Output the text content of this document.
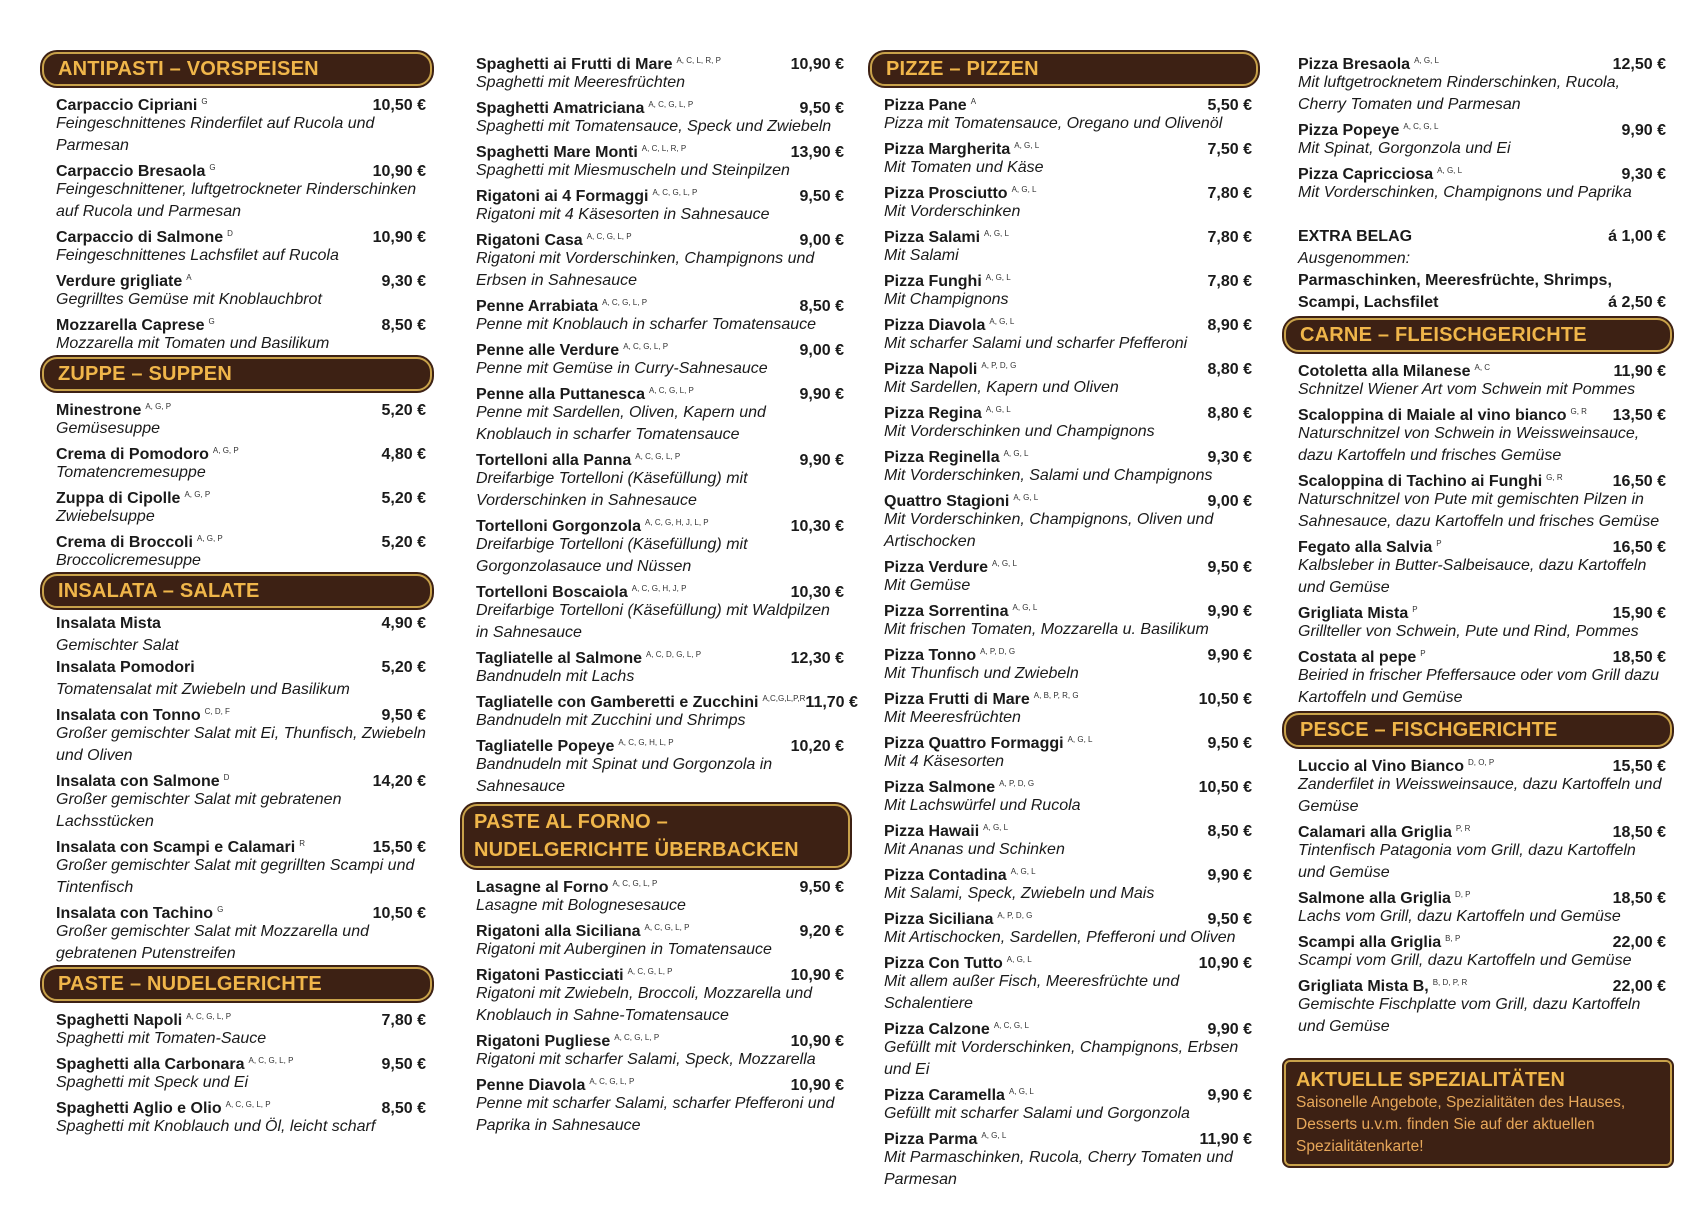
ANTIPASTI – VORSPEISEN
Carpaccio Cipriani $^G$	10,50 €
Feingeschnittenes Rinderfilet auf Rucola und Parmesan
Carpaccio Bresaola $^G$	10,90 €
Feingeschnittener, luftgetrockneter Rinderschinken auf Rucola und Parmesan
Carpaccio di Salmone $^D$	10,90 €
Feingeschnittenes Lachsfilet auf Rucola
Verdure grigliate $^A$	9,30 €
Gegrilltes Gemüse mit Knoblauchbrot
Mozzarella Caprese $^G$	8,50 €
Mozzarella mit Tomaten und Basilikum
ZUPPE – SUPPEN
Minestrone $^{A, G, P}$	5,20 €
Gemüsesuppe
Crema di Pomodoro $^{A, G, P}$	4,80 €
Tomatencremesuppe
Zuppa di Cipolle $^{A, G, P}$	5,20 €
Zwiebelsuppe
Crema di Broccoli $^{A, G, P}$	5,20 €
Broccolicremesuppe
INSALATA – SALATE
Insalata Mista	4,90 €
Gemischter Salat
Insalata Pomodori	5,20 €
Tomatensalat mit Zwiebeln und Basilikum
Insalata con Tonno $^{C, D, F}$	9,50 €
Großer gemischter Salat mit Ei, Thunfisch, Zwiebeln und Oliven
Insalata con Salmone $^D$	14,20 €
Großer gemischter Salat mit gebratenen Lachsstücken
Insalata con Scampi e Calamari $^R$	15,50 €
Großer gemischter Salat mit gegrillten Scampi und Tintenfisch
Insalata con Tachino $^G$	10,50 €
Großer gemischter Salat mit Mozzarella und gebratenen Putenstreifen
PASTE – NUDELGERICHTE
Spaghetti Napoli $^{A, C, G, L, P}$	7,80 €
Spaghetti mit Tomaten-Sauce
Spaghetti alla Carbonara $^{A, C, G, L, P}$	9,50 €
Spaghetti mit Speck und Ei
Spaghetti Aglio e Olio $^{A, C, G, L, P}$	8,50 €
Spaghetti mit Knoblauch und Öl, leicht scharf
Spaghetti ai Frutti di Mare $^{A, C, L, R, P}$	10,90 €
Spaghetti mit Meeresfrüchten
Spaghetti Amatriciana $^{A, C, G, L, P}$	9,50 €
Spaghetti mit Tomatensauce, Speck und Zwiebeln
Spaghetti Mare Monti $^{A, C, L, R, P}$	13,90 €
Spaghetti mit Miesmuscheln und Steinpilzen
Rigatoni ai 4 Formaggi $^{A, C, G, L, P}$	9,50 €
Rigatoni mit 4 Käsesorten in Sahnesauce
Rigatoni Casa $^{A, C, G, L, P}$	9,00 €
Rigatoni mit Vorderschinken, Champignons und Erbsen in Sahnesauce
Penne Arrabiata $^{A, C, G, L, P}$	8,50 €
Penne mit Knoblauch in scharfer Tomatensauce
Penne alle Verdure $^{A, C, G, L, P}$	9,00 €
Penne mit Gemüse in Curry-Sahnesauce
Penne alla Puttanesca $^{A, C, G, L, P}$	9,90 €
Penne mit Sardellen, Oliven, Kapern und Knoblauch in scharfer Tomatensauce
Tortelloni alla Panna $^{A, C, G, L, P}$	9,90 €
Dreifarbige Tortelloni (Käsefüllung) mit Vorderschinken in Sahnesauce
Tortelloni Gorgonzola $^{A, C, G, H, J, L, P}$	10,30 €
Dreifarbige Tortelloni (Käsefüllung) mit Gorgonzolasauce und Nüssen
Tortelloni Boscaiola $^{A, C, G, H, J, P}$	10,30 €
Dreifarbige Tortelloni (Käsefüllung) mit Waldpilzen in Sahnesauce
Tagliatelle al Salmone $^{A, C, D, G, L, P}$	12,30 €
Bandnudeln mit Lachs
Tagliatelle con Gamberetti e Zucchini $^{A,C,G,L,P,R}$ 11,70 €
Bandnudeln mit Zucchini und Shrimps
Tagliatelle Popeye $^{A, C, G, H, L, P}$	10,20 €
Bandnudeln mit Spinat und Gorgonzola in Sahnesauce
PASTE AL FORNO – NUDELGERICHTE ÜBERBACKEN
Lasagne al Forno $^{A, C, G, L, P}$	9,50 €
Lasagne mit Bolognesesauce
Rigatoni alla Siciliana $^{A, C, G, L, P}$	9,20 €
Rigatoni mit Auberginen in Tomatensauce
Rigatoni Pasticciati $^{A, C, G, L, P}$	10,90 €
Rigatoni mit Zwiebeln, Broccoli, Mozzarella und Knoblauch in Sahne-Tomatensauce
Rigatoni Pugliese $^{A, C, G, L, P}$	10,90 €
Rigatoni mit scharfer Salami, Speck, Mozzarella
Penne Diavola $^{A, C, G, L, P}$	10,90 €
Penne mit scharfer Salami, scharfer Pfefferoni und Paprika in Sahnesauce
PIZZE – PIZZEN
Pizza Pane $^A$	5,50 €
Pizza mit Tomatensauce, Oregano und Olivenöl
Pizza Margherita $^{A, G, L}$	7,50 €
Mit Tomaten und Käse
Pizza Prosciutto $^{A, G, L}$	7,80 €
Mit Vorderschinken
Pizza Salami $^{A, G, L}$	7,80 €
Mit Salami
Pizza Funghi $^{A, G, L}$	7,80 €
Mit Champignons
Pizza Diavola $^{A, G, L}$	8,90 €
Mit scharfer Salami und scharfer Pfefferoni
Pizza Napoli $^{A, P, D, G}$	8,80 €
Mit Sardellen, Kapern und Oliven
Pizza Regina $^{A, G, L}$	8,80 €
Mit Vorderschinken und Champignons
Pizza Reginella $^{A, G, L}$	9,30 €
Mit Vorderschinken, Salami und Champignons
Quattro Stagioni $^{A, G, L}$	9,00 €
Mit Vorderschinken, Champignons, Oliven und Artischocken
Pizza Verdure $^{A, G, L}$	9,50 €
Mit Gemüse
Pizza Sorrentina $^{A, G, L}$	9,90 €
Mit frischen Tomaten, Mozzarella u. Basilikum
Pizza Tonno $^{A, P, D, G}$	9,90 €
Mit Thunfisch und Zwiebeln
Pizza Frutti di Mare $^{A, B, P, R, G}$	10,50 €
Mit Meeresfrüchten
Pizza Quattro Formaggi $^{A, G, L}$	9,50 €
Mit 4 Käsesorten
Pizza Salmone $^{A, P, D, G}$	10,50 €
Mit Lachswürfel und Rucola
Pizza Hawaii $^{A, G, L}$	8,50 €
Mit Ananas und Schinken
Pizza Contadina $^{A, G, L}$	9,90 €
Mit Salami, Speck, Zwiebeln und Mais
Pizza Siciliana $^{A, P, D, G}$	9,50 €
Mit Artischocken, Sardellen, Pfefferoni und Oliven
Pizza Con Tutto $^{A, G, L}$	10,90 €
Mit allem außer Fisch, Meeresfrüchte und Schalentiere
Pizza Calzone $^{A, C, G, L}$	9,90 €
Gefüllt mit Vorderschinken, Champignons, Erbsen und Ei
Pizza Caramella $^{A, G, L}$	9,90 €
Gefüllt mit scharfer Salami und Gorgonzola
Pizza Parma $^{A, G, L}$	11,90 €
Mit Parmaschinken, Rucola, Cherry Tomaten und Parmesan
Pizza Bresaola $^{A, G, L}$	12,50 €
Mit luftgetrocknetem Rinderschinken, Rucola, Cherry Tomaten und Parmesan
Pizza Popeye $^{A, C, G, L}$	9,90 €
Mit Spinat, Gorgonzola und Ei
Pizza Capricciosa $^{A, G, L}$	9,30 €
Mit Vorderschinken, Champignons und Paprika
EXTRA BELAG	á 1,00 €
Ausgenommen:
Parmaschinken, Meeresfrüchte, Shrimps,
Scampi, Lachsfilet	á 2,50 €
CARNE – FLEISCHGERICHTE
Cotoletta alla Milanese $^{A, C}$	11,90 €
Schnitzel Wiener Art vom Schwein mit Pommes
Scaloppina di Maiale al vino bianco $^{G, R}$ 13,50 €
Naturschnitzel von Schwein in Weissweinsauce, dazu Kartoffeln und frisches Gemüse
Scaloppina di Tachino ai Funghi $^{G, R}$	16,50 €
Naturschnitzel von Pute mit gemischten Pilzen in Sahnesauce, dazu Kartoffeln und frisches Gemüse
Fegato alla Salvia $^P$	16,50 €
Kalbsleber in Butter-Salbeisauce, dazu Kartoffeln und Gemüse
Grigliata Mista $^P$	15,90 €
Grillteller von Schwein, Pute und Rind, Pommes
Costata al pepe $^P$	18,50 €
Beiried in frischer Pfeffersauce oder vom Grill dazu Kartoffeln und Gemüse
PESCE – FISCHGERICHTE
Luccio al Vino Bianco $^{D, O, P}$	15,50 €
Zanderfilet in Weissweinsauce, dazu Kartoffeln und Gemüse
Calamari alla Griglia $^{P, R}$	18,50 €
Tintenfisch Patagonia vom Grill, dazu Kartoffeln und Gemüse
Salmone alla Griglia $^{D, P}$	18,50 €
Lachs vom Grill, dazu Kartoffeln und Gemüse
Scampi alla Griglia $^{B, P}$	22,00 €
Scampi vom Grill, dazu Kartoffeln und Gemüse
Grigliata Mista B, $^{B, D, P, R}$	22,00 €
Gemischte Fischplatte vom Grill, dazu Kartoffeln und Gemüse
AKTUELLE SPEZIALITÄTEN
Saisonelle Angebote, Spezialitäten des Hauses, Desserts u.v.m. finden Sie auf der aktuellen Spezialitätenkarte!
